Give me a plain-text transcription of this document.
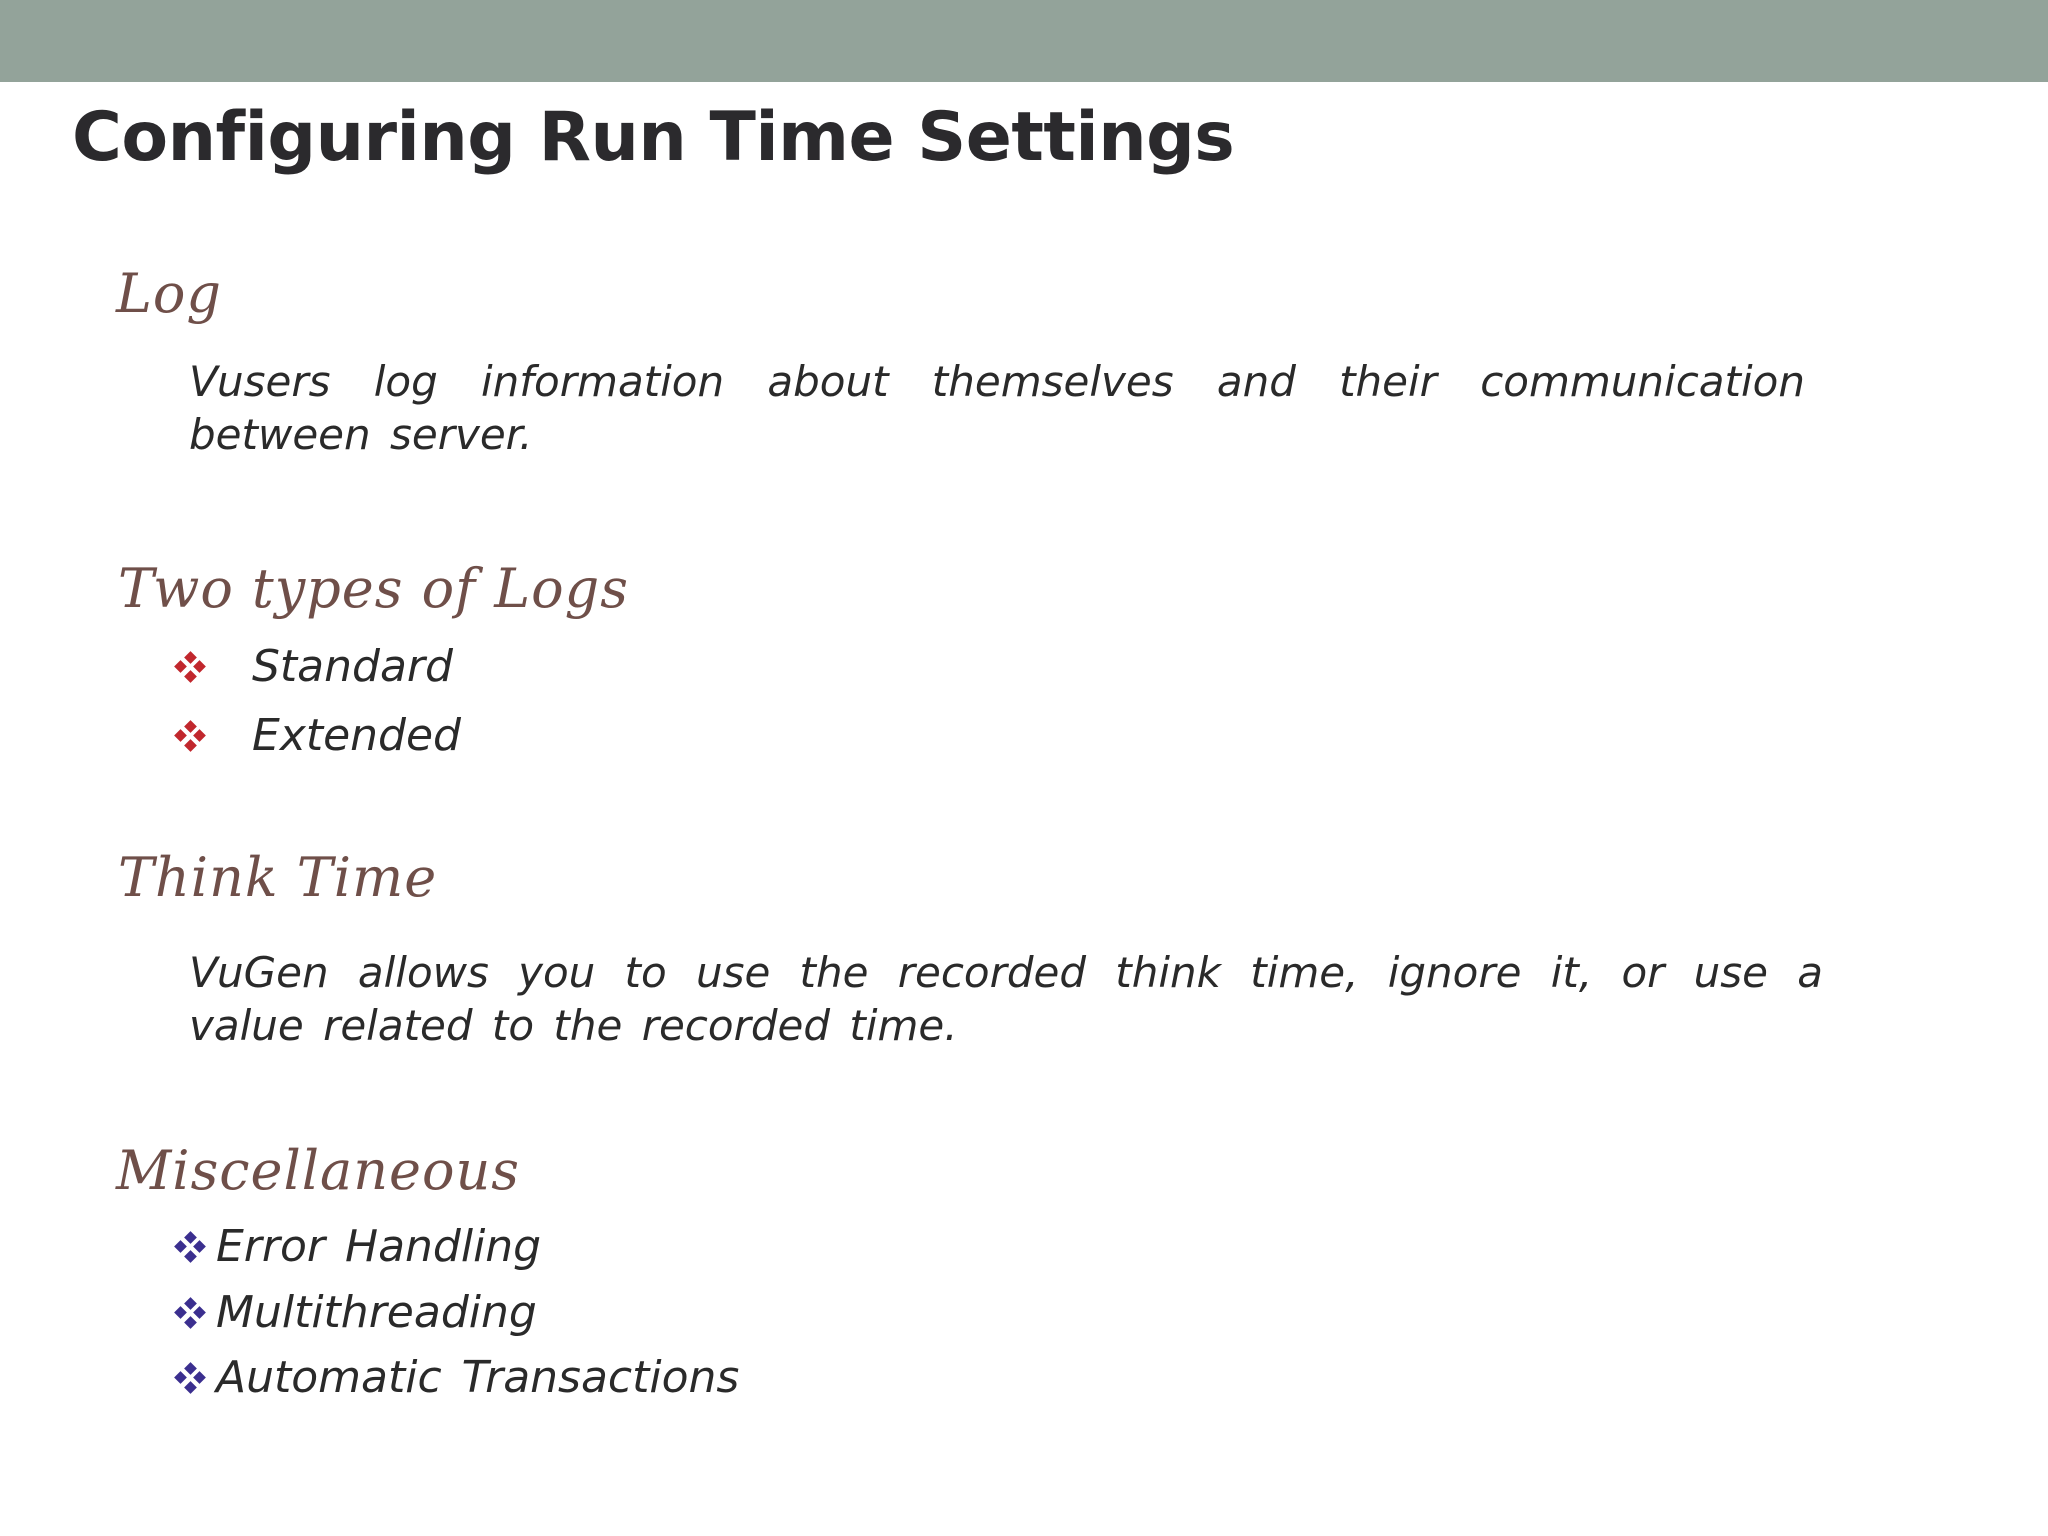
Configuring Run Time Settings
Log
Vusers log information about themselves and their communication between server.
Two types of Logs
Standard
Extended
Think Time
VuGen allows you to use the recorded think time, ignore it, or use a value related to the recorded time.
Miscellaneous
Error Handling
Multithreading
Automatic Transactions
